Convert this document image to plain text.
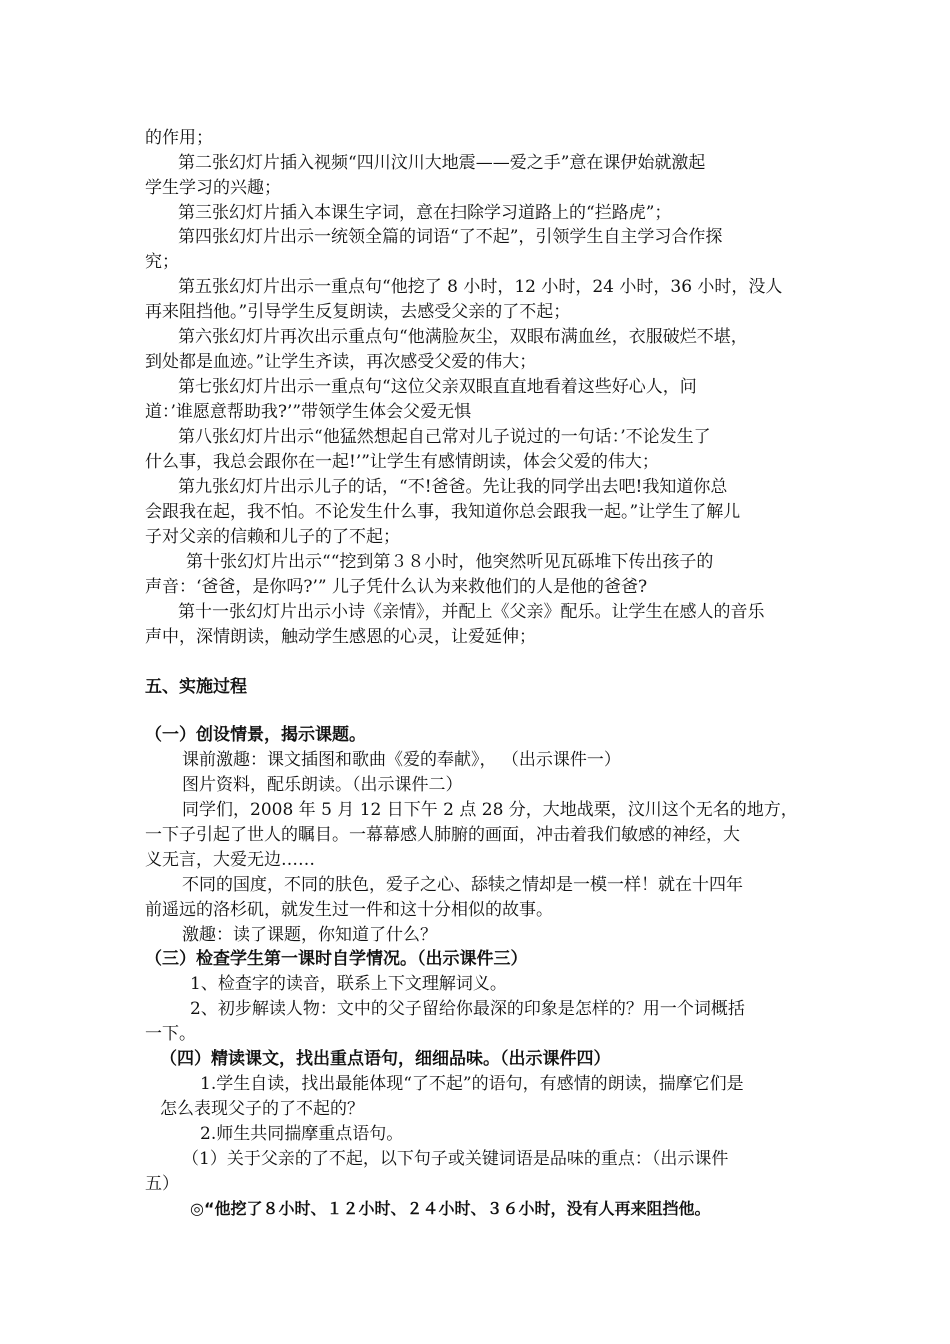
的作用；
第二张幻灯片插入视频“四川汶川大地震——爱之手”意在课伊始就激起
学生学习的兴趣；
第三张幻灯片插入本课生字词，意在扫除学习道路上的“拦路虎”；
第四张幻灯片出示一统领全篇的词语“了不起”，引领学生自主学习合作探
究；
第五张幻灯片出示一重点句“他挖了 8 小时，12 小时，24 小时，36 小时，没人
再来阻挡他。”引导学生反复朗读，去感受父亲的了不起；
第六张幻灯片再次出示重点句“他满脸灰尘，双眼布满血丝，衣服破烂不堪，
到处都是血迹。”让学生齐读，再次感受父爱的伟大；
第七张幻灯片出示一重点句“这位父亲双眼直直地看着这些好心人，问
道：’谁愿意帮助我?’”带领学生体会父爱无惧
第八张幻灯片出示“他猛然想起自己常对儿子说过的一句话：’不论发生了
什么事，我总会跟你在一起!’”让学生有感情朗读，体会父爱的伟大；
第九张幻灯片出示儿子的话，“不!爸爸。先让我的同学出去吧!我知道你总
会跟我在起，我不怕。不论发生什么事，我知道你总会跟我一起。”让学生了解儿
子对父亲的信赖和儿子的了不起；
第十张幻灯片出示““挖到第３８小时，他突然听见瓦砾堆下传出孩子的
声音：‘爸爸，是你吗?’” 儿子凭什么认为来救他们的人是他的爸爸?
第十一张幻灯片出示小诗《亲情》，并配上《父亲》配乐。让学生在感人的音乐
声中，深情朗读，触动学生感恩的心灵，让爱延伸；
五、实施过程
（一）创设情景，揭示课题。
课前激趣：课文插图和歌曲《爱的奉献》， （出示课件一）
图片资料，配乐朗读。（出示课件二）
同学们，2008 年 5 月 12 日下午 2 点 28 分，大地战栗，汶川这个无名的地方，
一下子引起了世人的瞩目。一幕幕感人肺腑的画面，冲击着我们敏感的神经，大
义无言，大爱无边……
不同的国度，不同的肤色，爱子之心、舔犊之情却是一模一样！就在十四年
前遥远的洛杉矶，就发生过一件和这十分相似的故事。
激趣：读了课题，你知道了什么？
（三）检查学生第一课时自学情况。（出示课件三）
1、检查字的读音，联系上下文理解词义。
2、初步解读人物：文中的父子留给你最深的印象是怎样的？用一个词概括
一下。
（四）精读课文，找出重点语句，细细品味。（出示课件四）
1.学生自读，找出最能体现“了不起”的语句，有感情的朗读，揣摩它们是
怎么表现父子的了不起的？
2.师生共同揣摩重点语句。
（1）关于父亲的了不起，以下句子或关键词语是品味的重点：（出示课件
五）
◎“他挖了８小时、１２小时、２４小时、３６小时，没有人再来阻挡他。
